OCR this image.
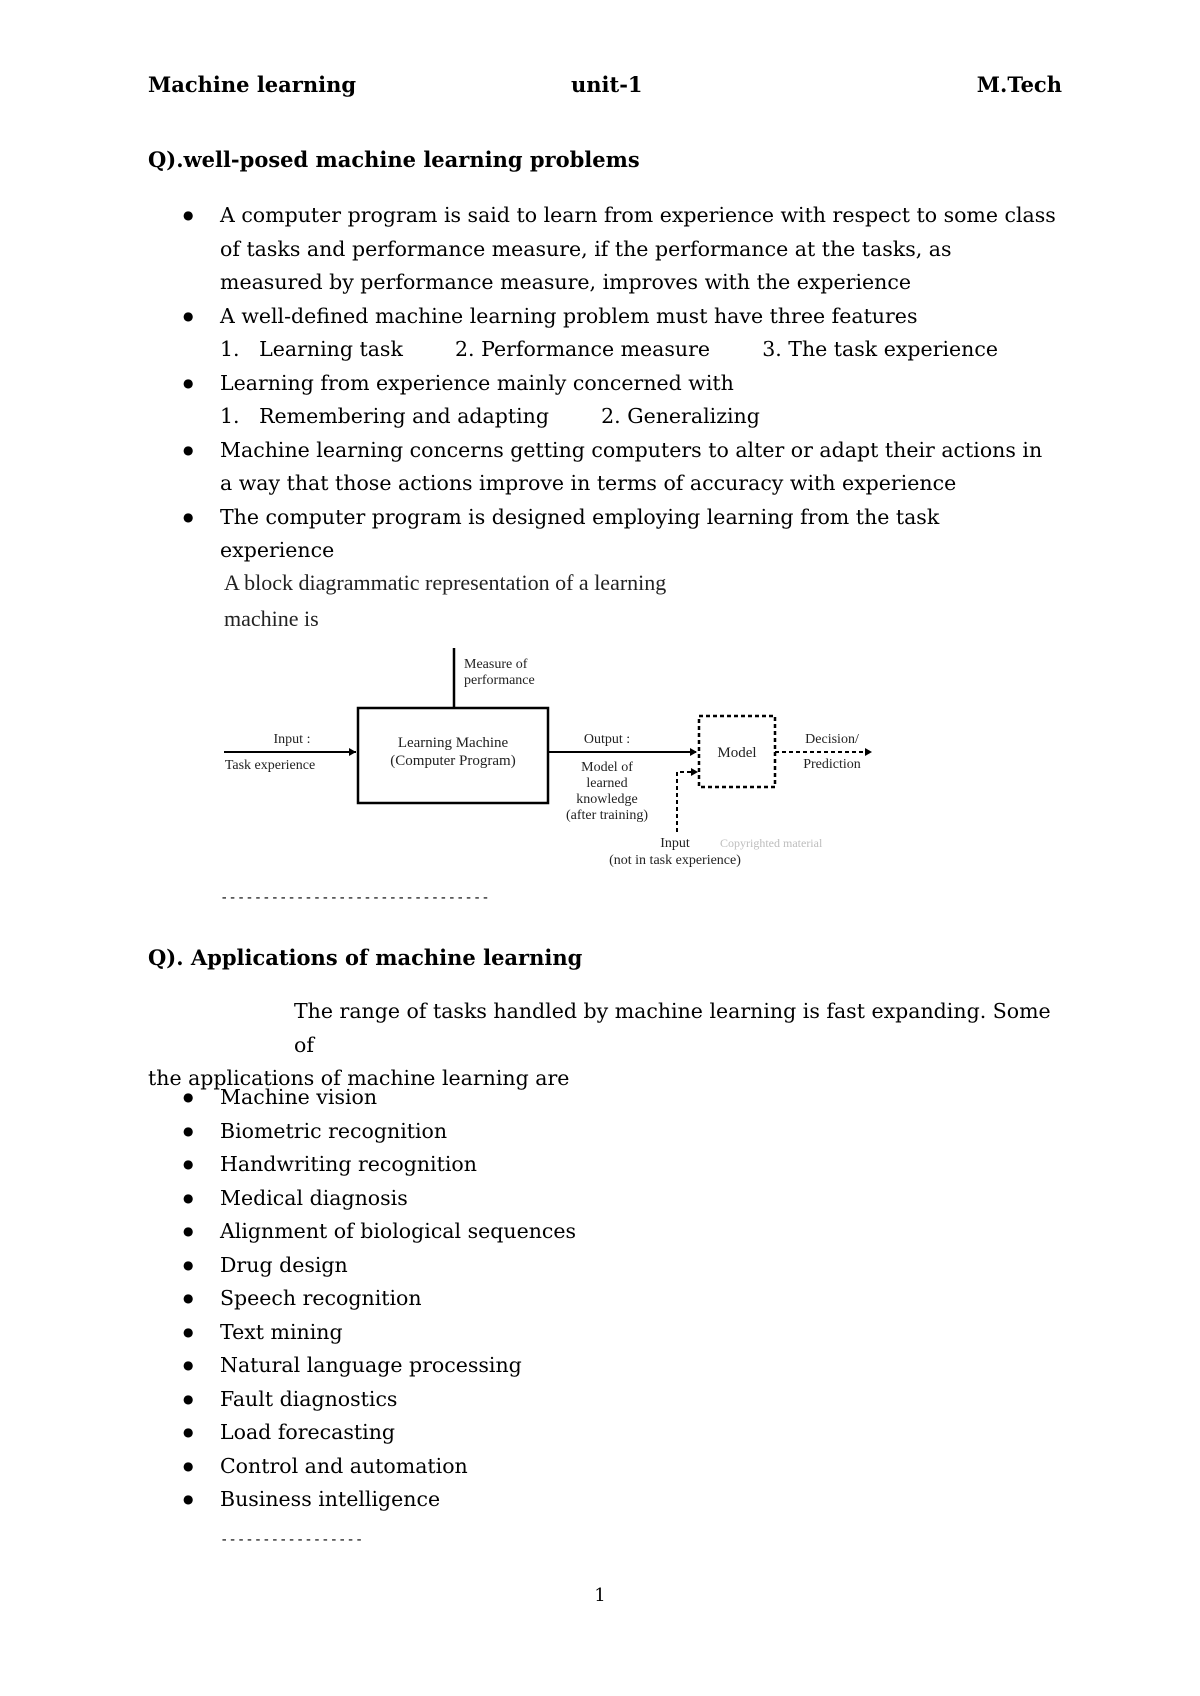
Machine learning	unit-1	M.Tech
Q).well-posed machine learning problems
● A computer program is said to learn from experience with respect to some class of tasks and performance measure, if the performance at the tasks, as measured by performance measure, improves with the experience
● A well-defined machine learning problem must have three features
1.   Learning task        2. Performance measure        3. The task experience
● Learning from experience mainly concerned with
1.   Remembering and adapting        2. Generalizing
● Machine learning concerns getting computers to alter or adapt their actions in a way that those actions improve in terms of accuracy with experience
● The computer program is designed employing learning from the task experience
A block diagrammatic representation of a learning
machine is
Measure of
performance
Learning Machine
(Computer Program)
Input :
Task experience
Output :
Model of
learned
knowledge
(after training)
Model
Decision/
Prediction
Input
(not in task experience)
Copyrighted material
--------------------------------
Q). Applications of machine learning
The range of tasks handled by machine learning is fast expanding. Some of
the applications of machine learning are
● Machine vision
● Biometric recognition
● Handwriting recognition
● Medical diagnosis
● Alignment of biological sequences
● Drug design
● Speech recognition
● Text mining
● Natural language processing
● Fault diagnostics
● Load forecasting
● Control and automation
● Business intelligence
-----------------
1
